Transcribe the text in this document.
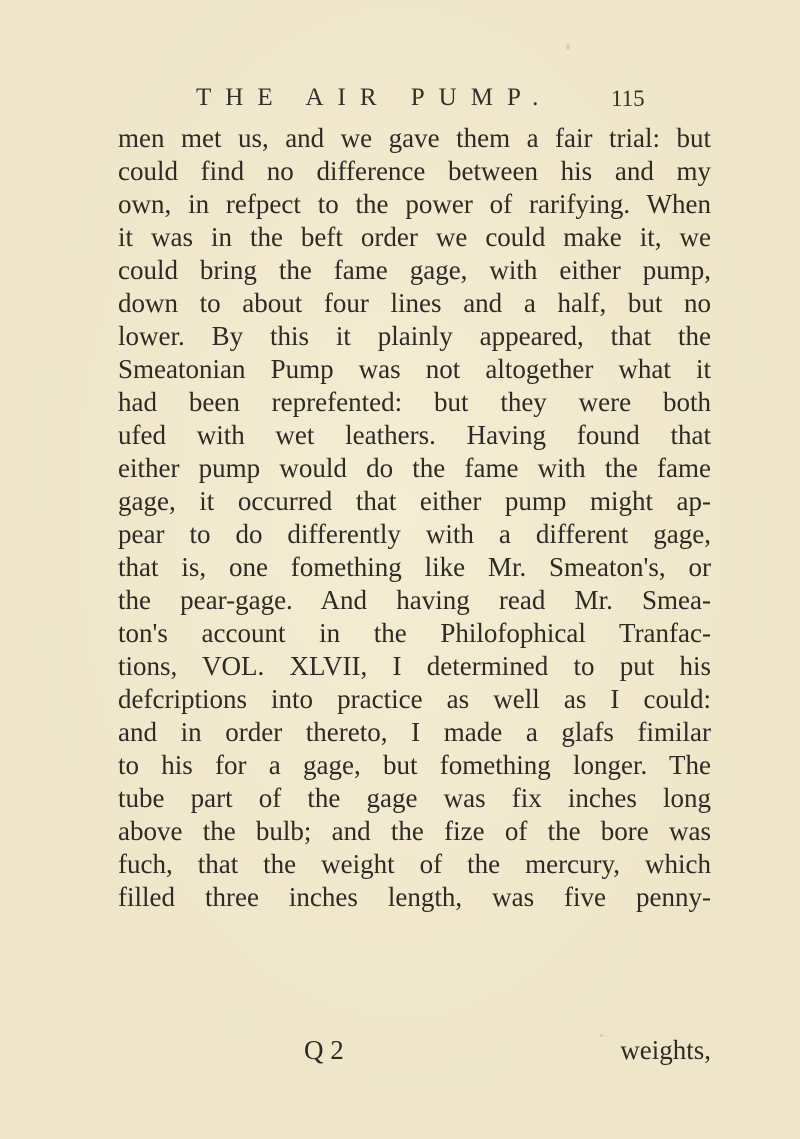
THE AIR PUMP.	115
men met us, and we gave them a fair trial: but
could find no difference between his and my
own, in refpect to the power of rarifying. When
it was in the beft order we could make it, we
could bring the fame gage, with either pump,
down to about four lines and a half, but no
lower. By this it plainly appeared, that the
Smeatonian Pump was not altogether what it
had been reprefented: but they were both
ufed with wet leathers. Having found that
either pump would do the fame with the fame
gage, it occurred that either pump might ap-
pear to do differently with a different gage,
that is, one fomething like Mr. Smeaton's, or
the pear-gage. And having read Mr. Smea-
ton's account in the Philofophical Tranfac-
tions, VOL. XLVII, I determined to put his
defcriptions into practice as well as I could:
and in order thereto, I made a glafs fimilar
to his for a gage, but fomething longer. The
tube part of the gage was fix inches long
above the bulb; and the fize of the bore was
fuch, that the weight of the mercury, which
filled three inches length, was five penny-
Q 2	weights,
